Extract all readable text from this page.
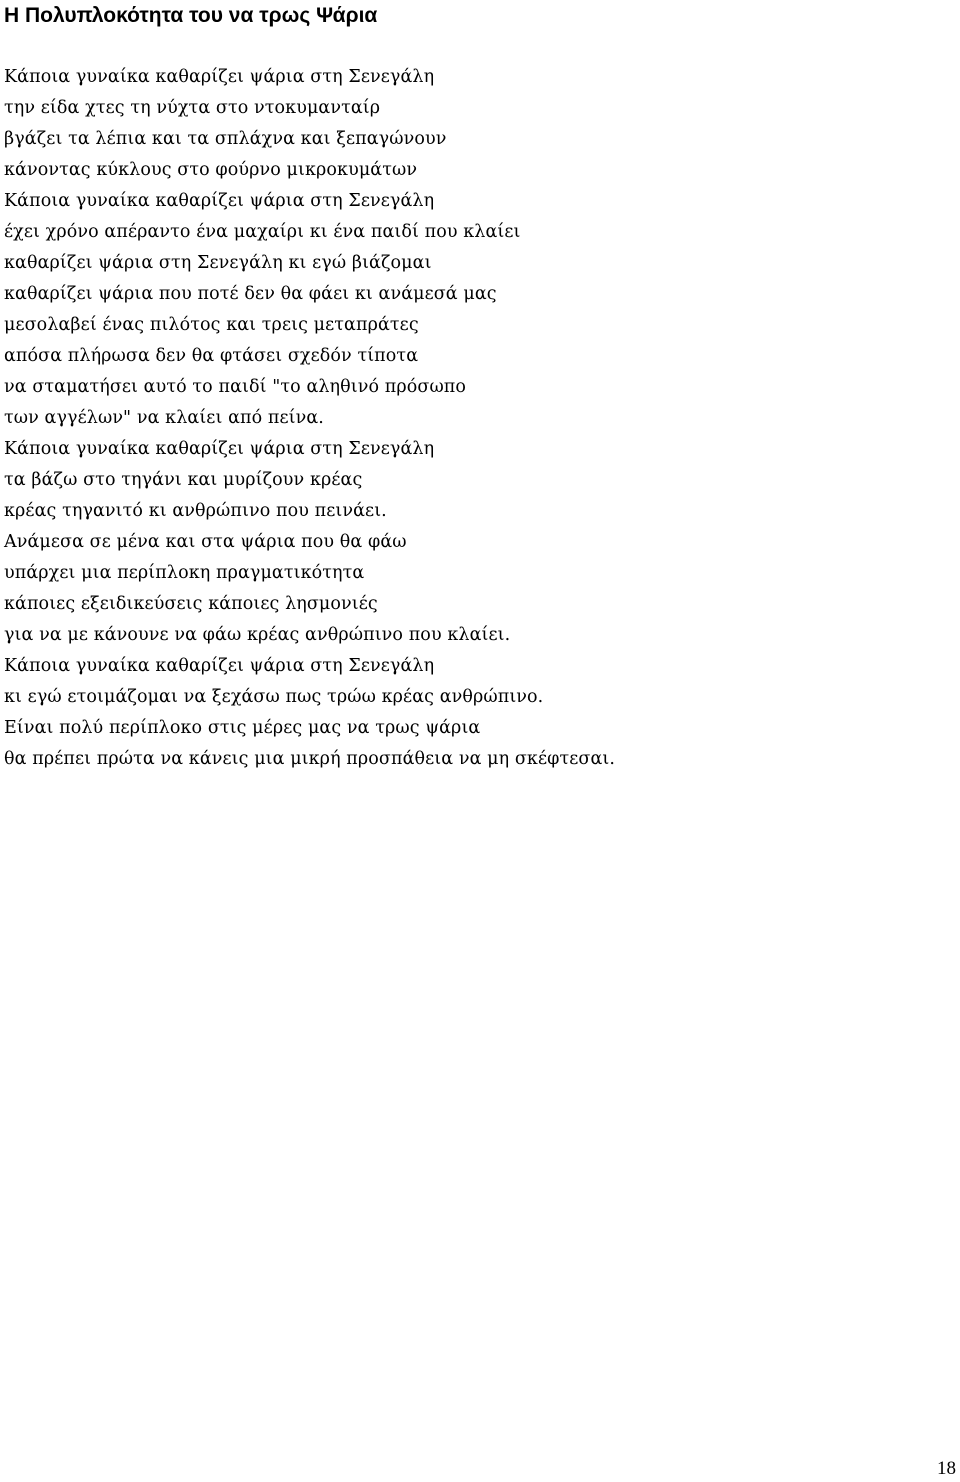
Η Πολυπλοκότητα του να τρως Ψάρια
Κάποια γυναίκα καθαρίζει ψάρια στη Σενεγάλη
την είδα χτες τη νύχτα στο ντοκυμανταίρ
βγάζει τα λέπια και τα σπλάχνα και ξεπαγώνουν
κάνοντας κύκλους στο φούρνο μικροκυμάτων
Κάποια γυναίκα καθαρίζει ψάρια στη Σενεγάλη
έχει χρόνο απέραντο ένα μαχαίρι κι ένα παιδί που κλαίει
καθαρίζει ψάρια στη Σενεγάλη κι εγώ βιάζομαι
καθαρίζει ψάρια που ποτέ δεν θα φάει κι ανάμεσά μας
μεσολαβεί ένας πιλότος και τρεις μεταπράτες
απόσα πλήρωσα δεν θα φτάσει σχεδόν τίποτα
να σταματήσει αυτό το παιδί "το αληθινό πρόσωπο
των αγγέλων" να κλαίει από πείνα.
Κάποια γυναίκα καθαρίζει ψάρια στη Σενεγάλη
τα βάζω στο τηγάνι και μυρίζουν κρέας
κρέας τηγανιτό κι ανθρώπινο που πεινάει.
Ανάμεσα σε μένα και στα ψάρια που θα φάω
υπάρχει μια περίπλοκη πραγματικότητα
κάποιες εξειδικεύσεις κάποιες λησμονιές
για να με κάνουνε να φάω κρέας ανθρώπινο που κλαίει.
Κάποια γυναίκα καθαρίζει ψάρια στη Σενεγάλη
κι εγώ ετοιμάζομαι να ξεχάσω πως τρώω κρέας ανθρώπινο.
Είναι πολύ περίπλοκο στις μέρες μας να τρως ψάρια
θα πρέπει πρώτα να κάνεις μια μικρή προσπάθεια να μη σκέφτεσαι.
18
